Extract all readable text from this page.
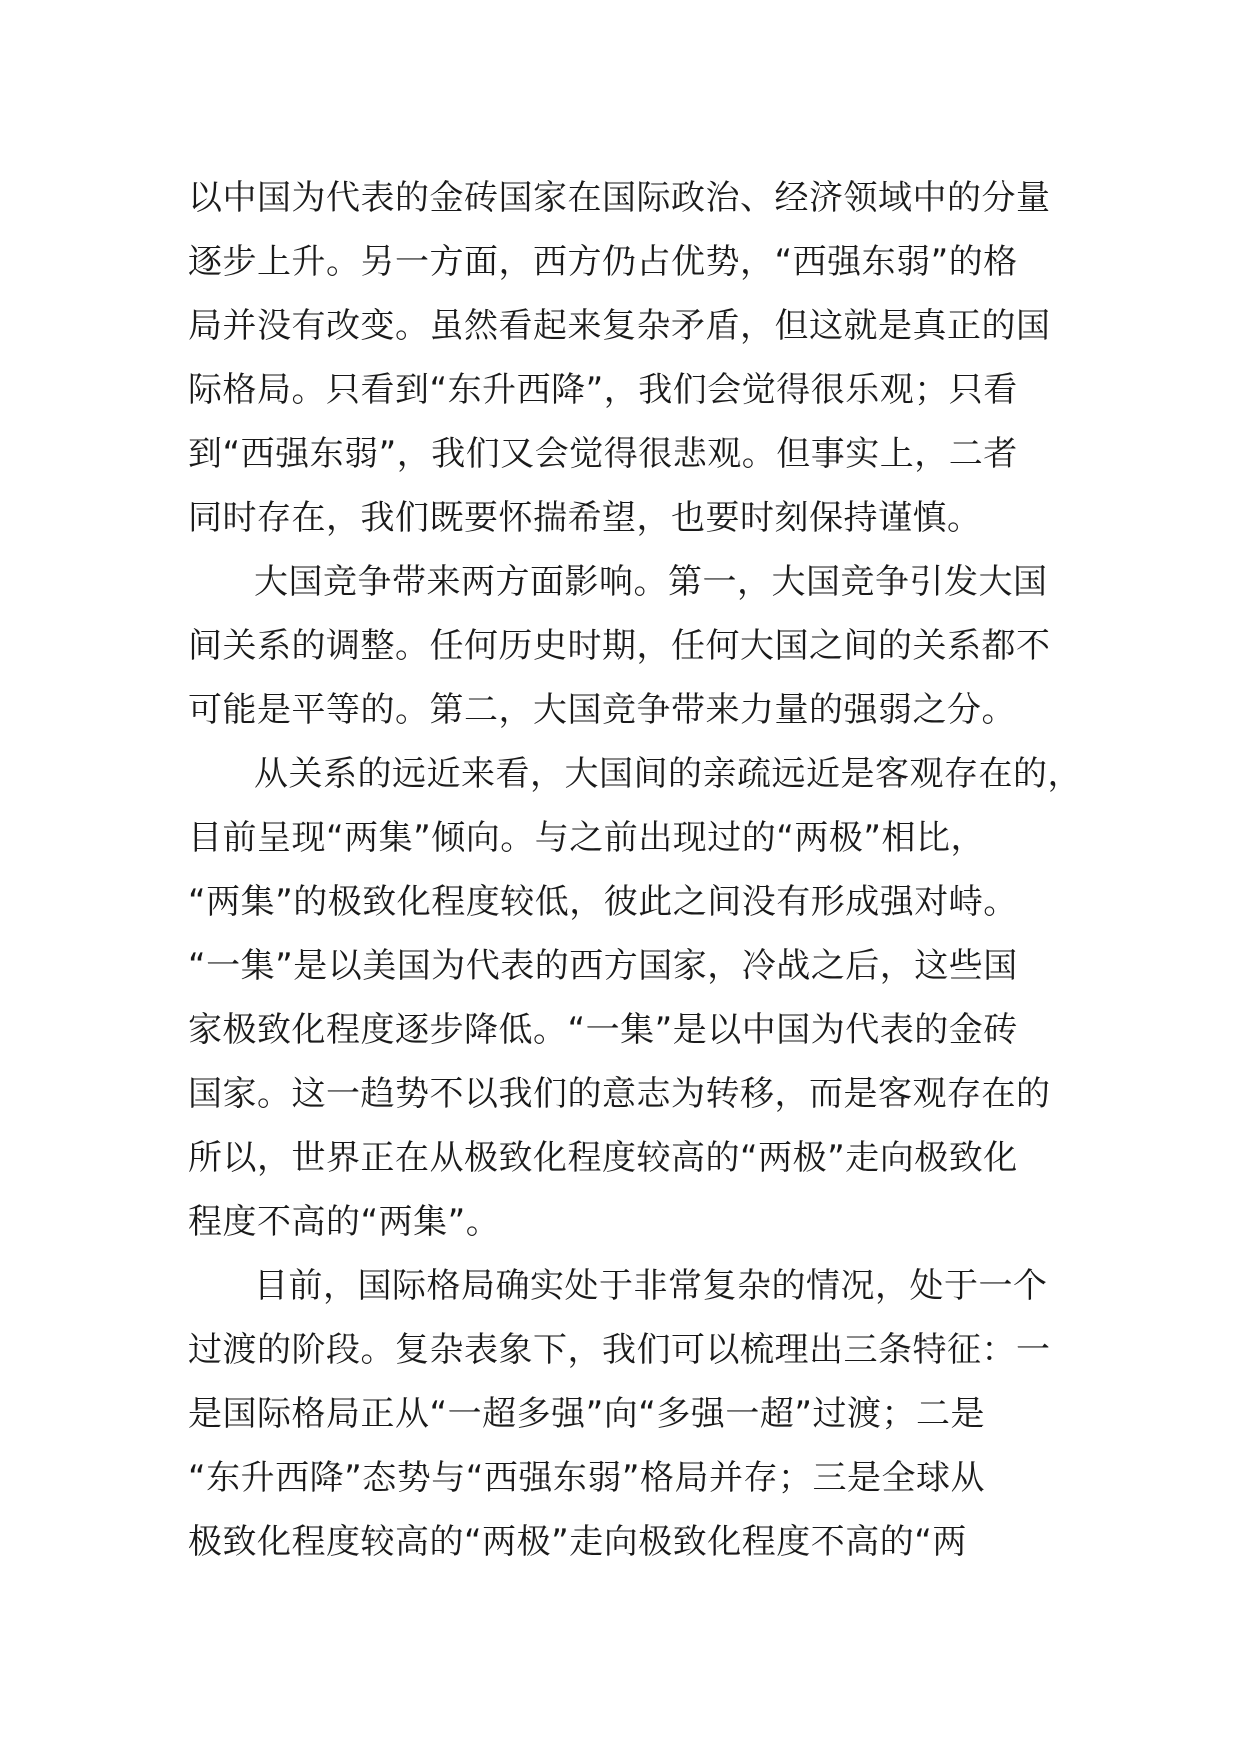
以中国为代表的金砖国家在国际政治、经济领域中的分量
逐步上升。另一方面，西方仍占优势，“西强东弱”的格
局并没有改变。虽然看起来复杂矛盾，但这就是真正的国
际格局。只看到“东升西降”，我们会觉得很乐观；只看
到“西强东弱”，我们又会觉得很悲观。但事实上，二者
同时存在，我们既要怀揣希望，也要时刻保持谨慎。
大国竞争带来两方面影响。第一，大国竞争引发大国
间关系的调整。任何历史时期，任何大国之间的关系都不
可能是平等的。第二，大国竞争带来力量的强弱之分。
从关系的远近来看，大国间的亲疏远近是客观存在的，
目前呈现“两集”倾向。与之前出现过的“两极”相比，
“两集”的极致化程度较低，彼此之间没有形成强对峙。
“一集”是以美国为代表的西方国家，冷战之后，这些国
家极致化程度逐步降低。“一集”是以中国为代表的金砖
国家。这一趋势不以我们的意志为转移，而是客观存在的
所以，世界正在从极致化程度较高的“两极”走向极致化
程度不高的“两集”。
目前，国际格局确实处于非常复杂的情况，处于一个
过渡的阶段。复杂表象下，我们可以梳理出三条特征：一
是国际格局正从“一超多强”向“多强一超”过渡；二是
“东升西降”态势与“西强东弱”格局并存；三是全球从
极致化程度较高的“两极”走向极致化程度不高的“两
